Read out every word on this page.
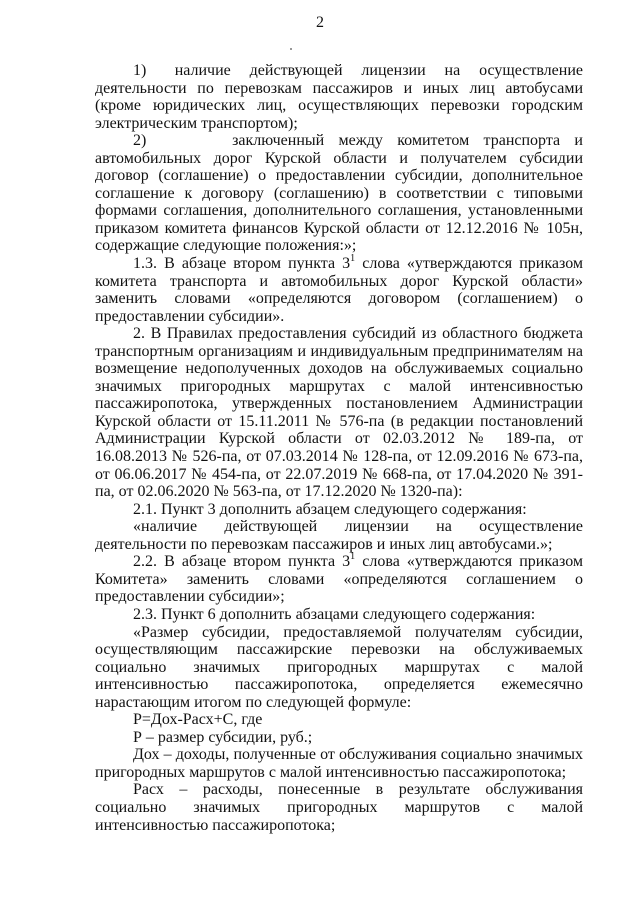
2

1)      наличие    действующей    лицензии    на    осуществление деятельности по перевозкам пассажиров и иных лиц автобусами (кроме юридических лиц, осуществляющих перевозки городским электрическим транспортом);

2)      заключенный между комитетом транспорта и автомобильных дорог Курской области и получателем субсидии договор (соглашение) о предоставлении субсидии, дополнительное соглашение к договору (соглашению) в соответствии с типовыми формами соглашения, дополнительного соглашения, установленными приказом комитета финансов Курской области от 12.12.2016 № 105н, содержащие следующие положения:»;

1.3. В абзаце втором пункта $3^1$ слова «утверждаются приказом комитета транспорта и автомобильных дорог Курской области» заменить словами «определяются договором (соглашением) о предоставлении субсидии».

2. В Правилах предоставления субсидий из областного бюджета транспортным организациям и индивидуальным предпринимателям на возмещение недополученных доходов на обслуживаемых социально значимых пригородных маршрутах с малой интенсивностью пассажиропотока, утвержденных постановлением Администрации Курской области от 15.11.2011 № 576-па (в редакции постановлений Администрации Курской области от 02.03.2012 № 189-па, от 16.08.2013 № 526-па, от 07.03.2014 № 128-па, от 12.09.2016 № 673-па, от 06.06.2017 № 454-па, от 22.07.2019 № 668-па, от 17.04.2020 № 391-па, от 02.06.2020 № 563-па, от 17.12.2020 № 1320-па):

2.1. Пункт 3 дополнить абзацем следующего содержания:

«наличие действующей лицензии на осуществление деятельности по перевозкам пассажиров и иных лиц автобусами.»;

2.2. В абзаце втором пункта $3^1$ слова «утверждаются приказом Комитета» заменить словами «определяются соглашением о предоставлении субсидии»;

2.3. Пункт 6 дополнить абзацами следующего содержания:

«Размер субсидии, предоставляемой получателям субсидии, осуществляющим пассажирские перевозки на обслуживаемых социально значимых пригородных маршрутах с малой интенсивностью пассажиропотока, определяется ежемесячно нарастающим итогом по следующей формуле:

Р=Дох-Расх+С, где

Р – размер субсидии, руб.;

Дох – доходы, полученные от обслуживания социально значимых пригородных маршрутов с малой интенсивностью пассажиропотока;

Расх – расходы, понесенные в результате обслуживания социально значимых пригородных маршрутов с малой интенсивностью пассажиропотока;
